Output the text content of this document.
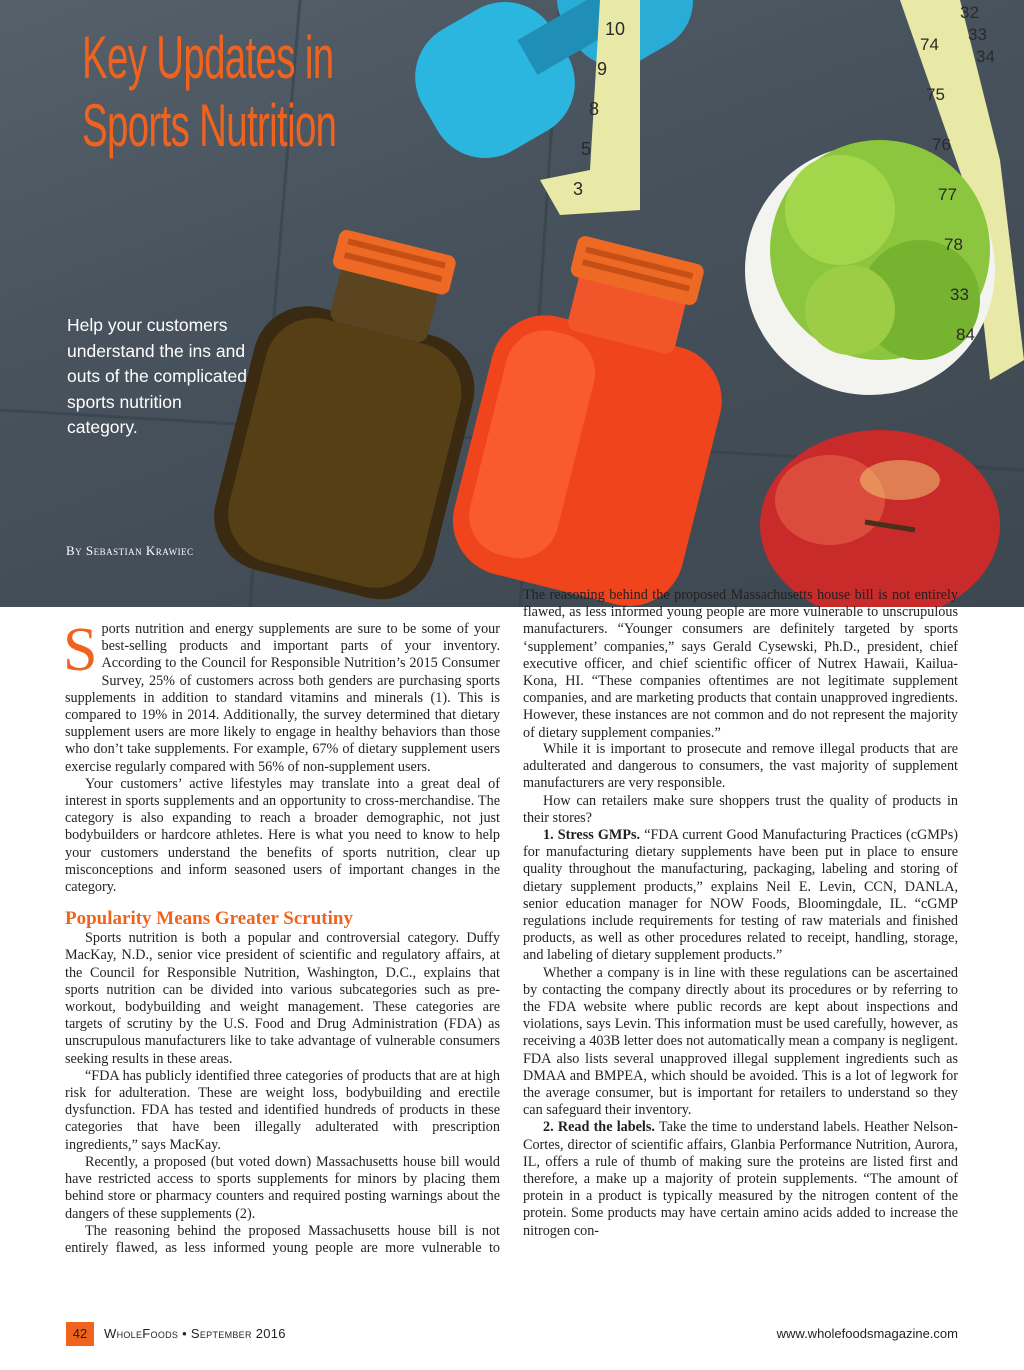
10
9
8
5
3
32
33
34
74
75
76
77
78
33
84
Key Updates in
Sports Nutrition

Help your customers understand the ins and outs of the complicated sports nutrition category.

By Sebastian Krawiec

Sports nutrition and energy supplements are sure to be some of your best-selling products and important parts of your inventory. According to the Council for Responsible Nutrition’s 2015 Consumer Survey, 25% of customers across both genders are purchasing sports supplements in addition to standard vitamins and minerals (1). This is compared to 19% in 2014. Additionally, the survey determined that dietary supplement users are more likely to engage in healthy behaviors than those who don’t take supplements. For example, 67% of dietary supplement users exercise regularly compared with 56% of non-supplement users.

Your customers’ active lifestyles may translate into a great deal of interest in sports supplements and an opportunity to cross-merchandise. The category is also expanding to reach a broader demographic, not just bodybuilders or hardcore athletes. Here is what you need to know to help your customers understand the benefits of sports nutrition, clear up misconceptions and inform seasoned users of important changes in the category.

Popularity Means Greater Scrutiny

Sports nutrition is both a popular and controversial category. Duffy MacKay, N.D., senior vice president of scientific and regulatory affairs, at the Council for Responsible Nutrition, Washington, D.C., explains that sports nutrition can be divided into various subcategories such as pre-workout, bodybuilding and weight management. These categories are targets of scrutiny by the U.S. Food and Drug Administration (FDA) as unscrupulous manufacturers like to take advantage of vulnerable consumers seeking results in these areas.

“FDA has publicly identified three categories of products that are at high risk for adulteration. These are weight loss, bodybuilding and erectile dysfunction. FDA has tested and identified hundreds of products in these categories that have been illegally adulterated with prescription ingredients,” says MacKay.

Recently, a proposed (but voted down) Massachusetts house bill would have restricted access to sports supplements for minors by placing them behind store or pharmacy counters and required posting warnings about the dangers of these supplements (2).

The reasoning behind the proposed Massachusetts house bill is not entirely flawed, as less informed young people are more vulnerable to

The reasoning behind the proposed Massachusetts house bill is not entirely flawed, as less informed young people are more vulnerable to unscrupulous manufacturers. “Younger consumers are definitely targeted by sports ‘supplement’ companies,” says Gerald Cysewski, Ph.D., president, chief executive officer, and chief scientific officer of Nutrex Hawaii, Kailua-Kona, HI. “These companies oftentimes are not legitimate supplement companies, and are marketing products that contain unapproved ingredients. However, these instances are not common and do not represent the majority of dietary supplement companies.”

While it is important to prosecute and remove illegal products that are adulterated and dangerous to consumers, the vast majority of supplement manufacturers are very responsible.

How can retailers make sure shoppers trust the quality of products in their stores?

1. Stress GMPs. “FDA current Good Manufacturing Practices (cGMPs) for manufacturing dietary supplements have been put in place to ensure quality throughout the manufacturing, packaging, labeling and storing of dietary supplement products,” explains Neil E. Levin, CCN, DANLA, senior education manager for NOW Foods, Bloomingdale, IL. “cGMP regulations include requirements for testing of raw materials and finished products, as well as other procedures related to receipt, handling, storage, and labeling of dietary supplement products.”

Whether a company is in line with these regulations can be ascertained by contacting the company directly about its procedures or by referring to the FDA website where public records are kept about inspections and violations, says Levin. This information must be used carefully, however, as receiving a 403B letter does not automatically mean a company is negligent. FDA also lists several unapproved illegal supplement ingredients such as DMAA and BMPEA, which should be avoided. This is a lot of legwork for the average consumer, but is important for retailers to understand so they can safeguard their inventory.

2. Read the labels. Take the time to understand labels. Heather Nelson-Cortes, director of scientific affairs, Glanbia Performance Nutrition, Aurora, IL, offers a rule of thumb of making sure the proteins are listed first and therefore, a make up a majority of protein supplements. “The amount of protein in a product is typically measured by the nitrogen content of the protein. Some products may have certain amino acids added to increase the nitrogen con-

42	WholeFoods • September 2016	www.wholefoodsmagazine.com
